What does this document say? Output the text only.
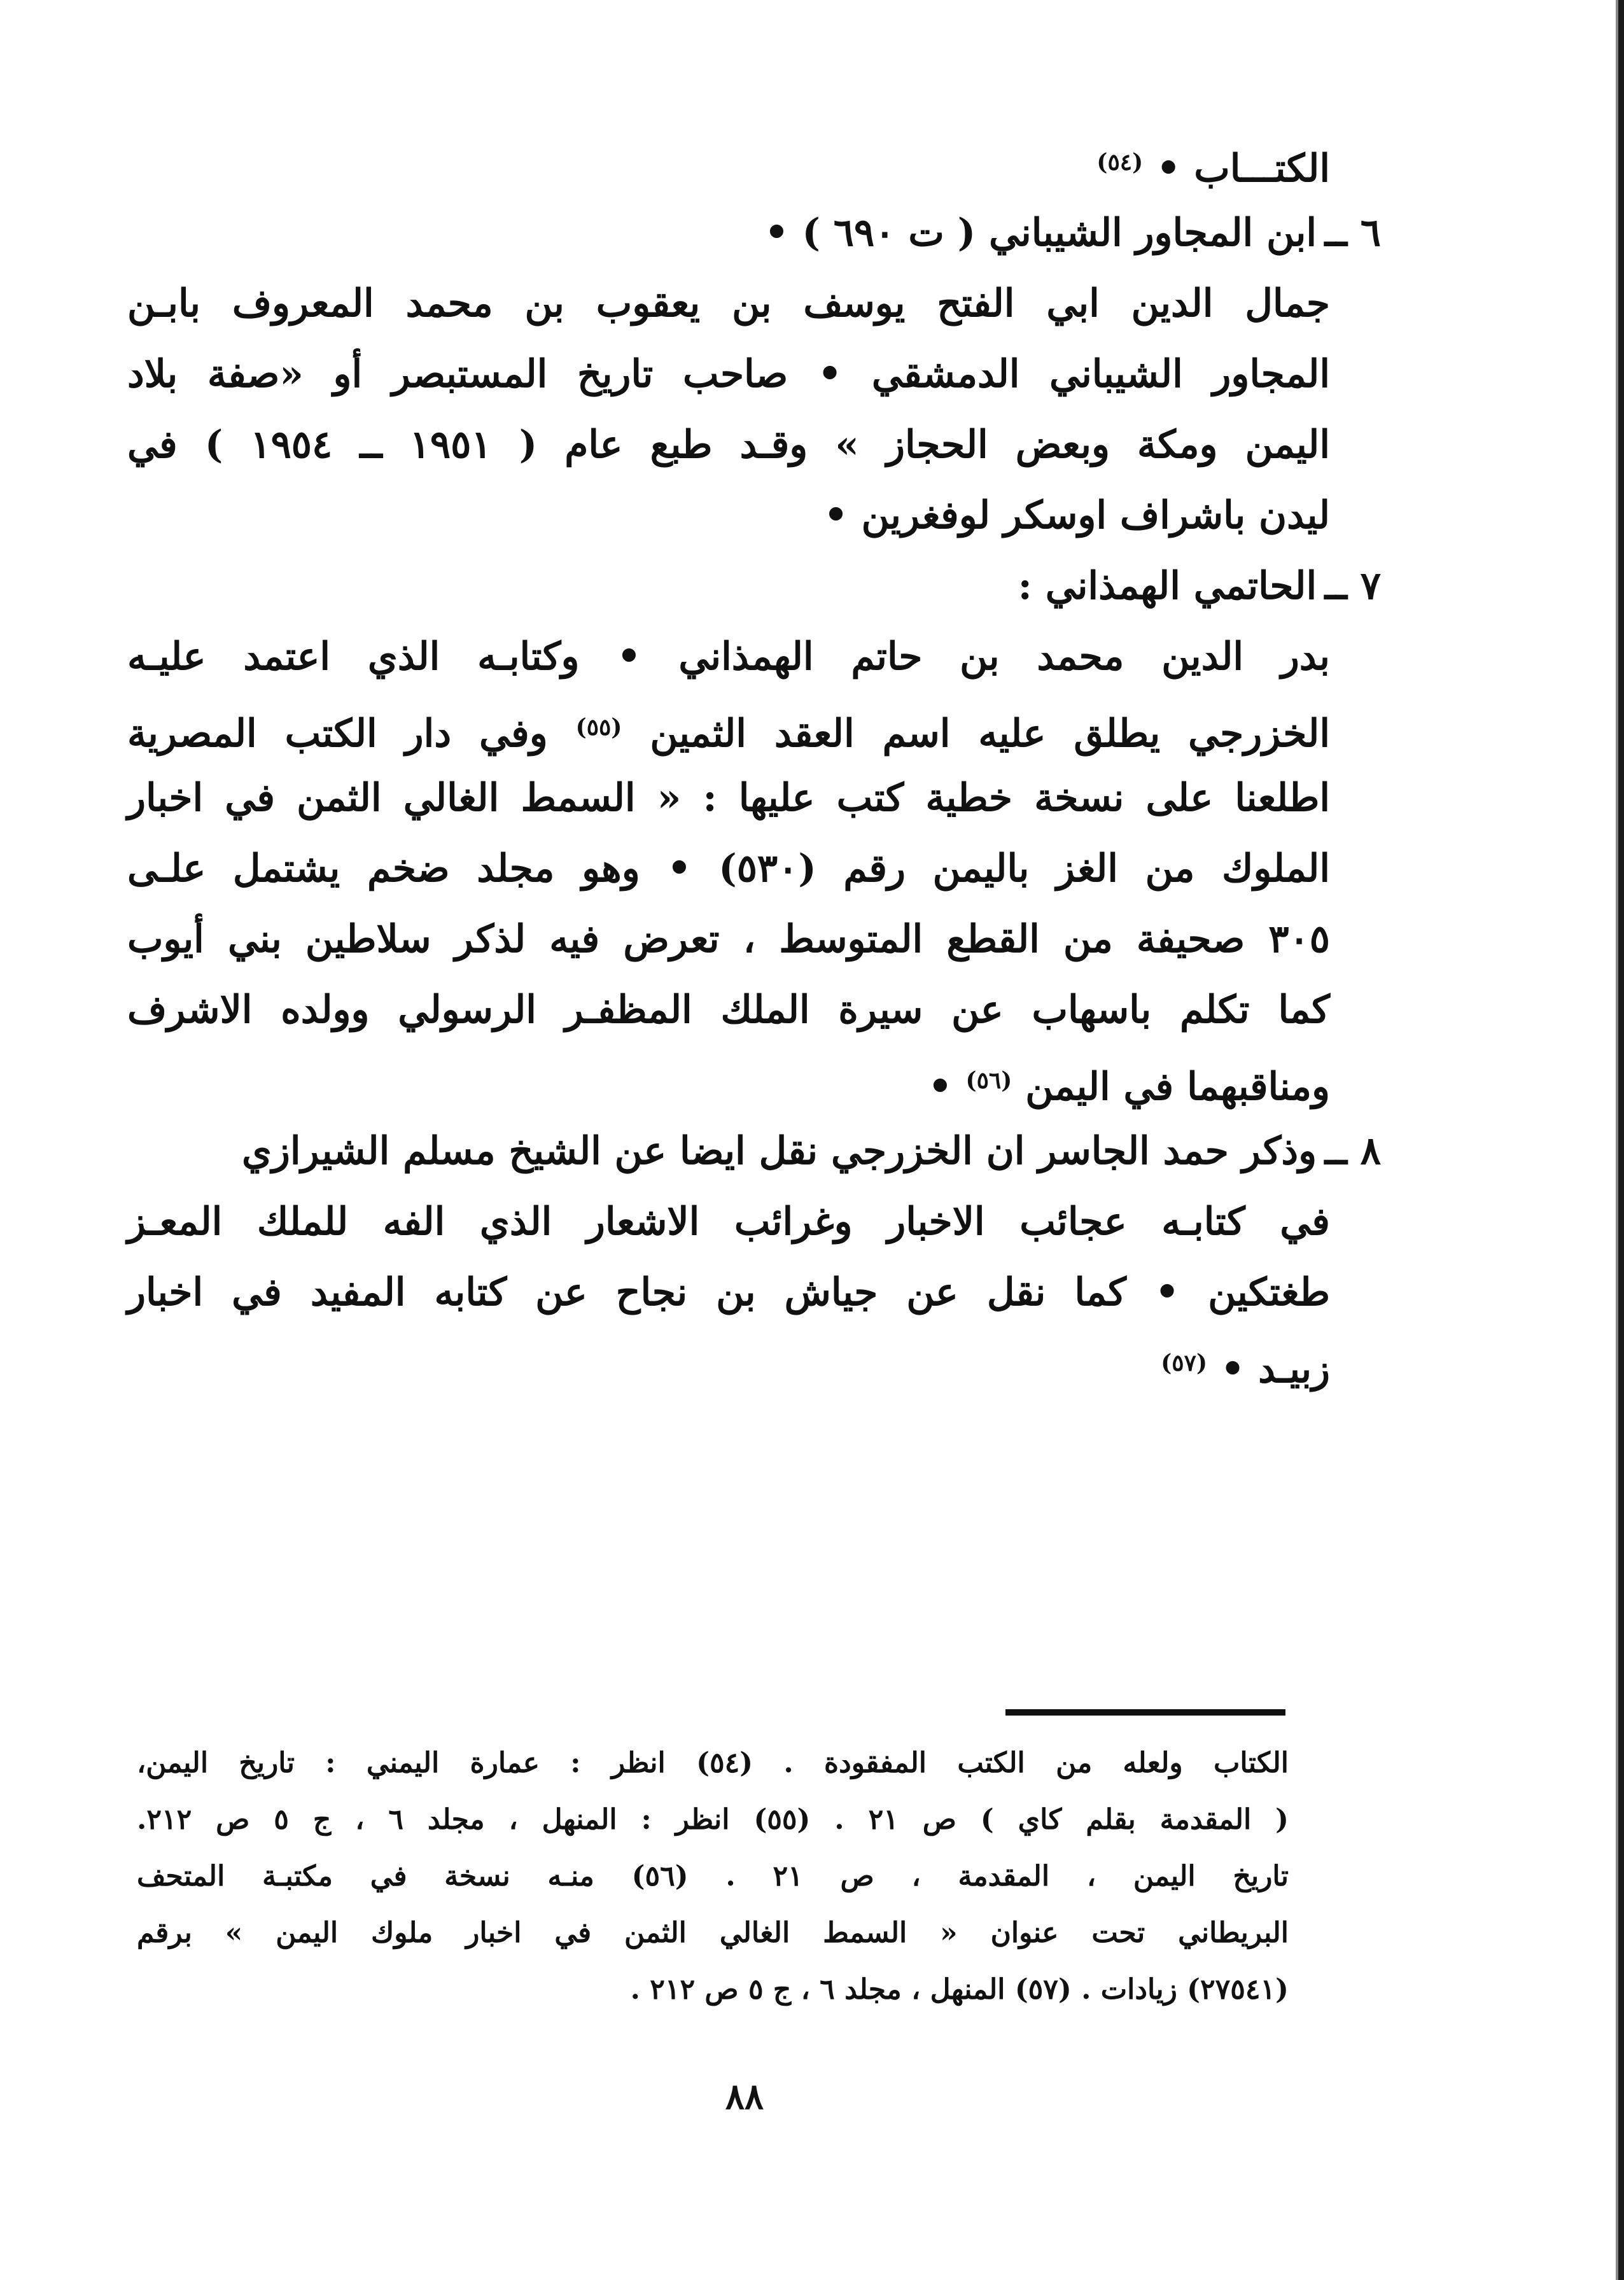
الكتـــاب • $^{(٥٤)}$
٦ ــ ابن المجاور الشيباني ( ت ٦٩٠ ) •
جمال الدين ابي الفتح يوسف بن يعقوب بن محمد المعروف بابـن
المجاور الشيباني الدمشقي • صاحب تاريخ المستبصر أو «صفة بلاد
اليمن ومكة وبعض الحجاز » وقـد طبع عام ( ١٩٥١ ــ ١٩٥٤ ) في
ليدن باشراف اوسكر لوفغرين •
٧ ــ الحاتمي الهمذاني :
بدر الدين محمد بن حاتم الهمذاني • وكتابـه الذي اعتمد عليـه
الخزرجي يطلق عليه اسم العقد الثمين $^{(٥٥)}$ وفي دار الكتب المصرية
اطلعنا على نسخة خطية كتب عليها : « السمط الغالي الثمن في اخبار
الملوك من الغز باليمن رقم (٥٣٠) • وهو مجلد ضخم يشتمل علـى
٣٠٥ صحيفة من القطع المتوسط ، تعرض فيه لذكر سلاطين بني أيوب
كما تكلم باسهاب عن سيرة الملك المظفـر الرسولي وولده الاشرف
ومناقبهما في اليمن $^{(٥٦)}$ •
٨ ــ وذكر حمد الجاسر ان الخزرجي نقل ايضا عن الشيخ مسلم الشيرازي
في كتابـه عجائب الاخبار وغرائب الاشعار الذي الفه للملك المعـز
طغتكين • كما نقل عن جياش بن نجاح عن كتابه المفيد في اخبار
زبيـد • $^{(٥٧)}$
الكتاب ولعله من الكتب المفقودة . (٥٤) انظر : عمارة اليمني : تاريخ اليمن،
( المقدمة بقلم كاي ) ص ٢١ . (٥٥) انظر : المنهل ، مجلد ٦ ، ج ٥ ص ٢١٢.
تاريخ اليمن ، المقدمة ، ص ٢١ . (٥٦) منـه نسخة في مكتبـة المتحف
البريطاني تحت عنوان « السمط الغالي الثمن في اخبار ملوك اليمن » برقم
(٢٧٥٤١) زيادات . (٥٧) المنهل ، مجلد ٦ ، ج ٥ ص ٢١٢ .
٨٨
